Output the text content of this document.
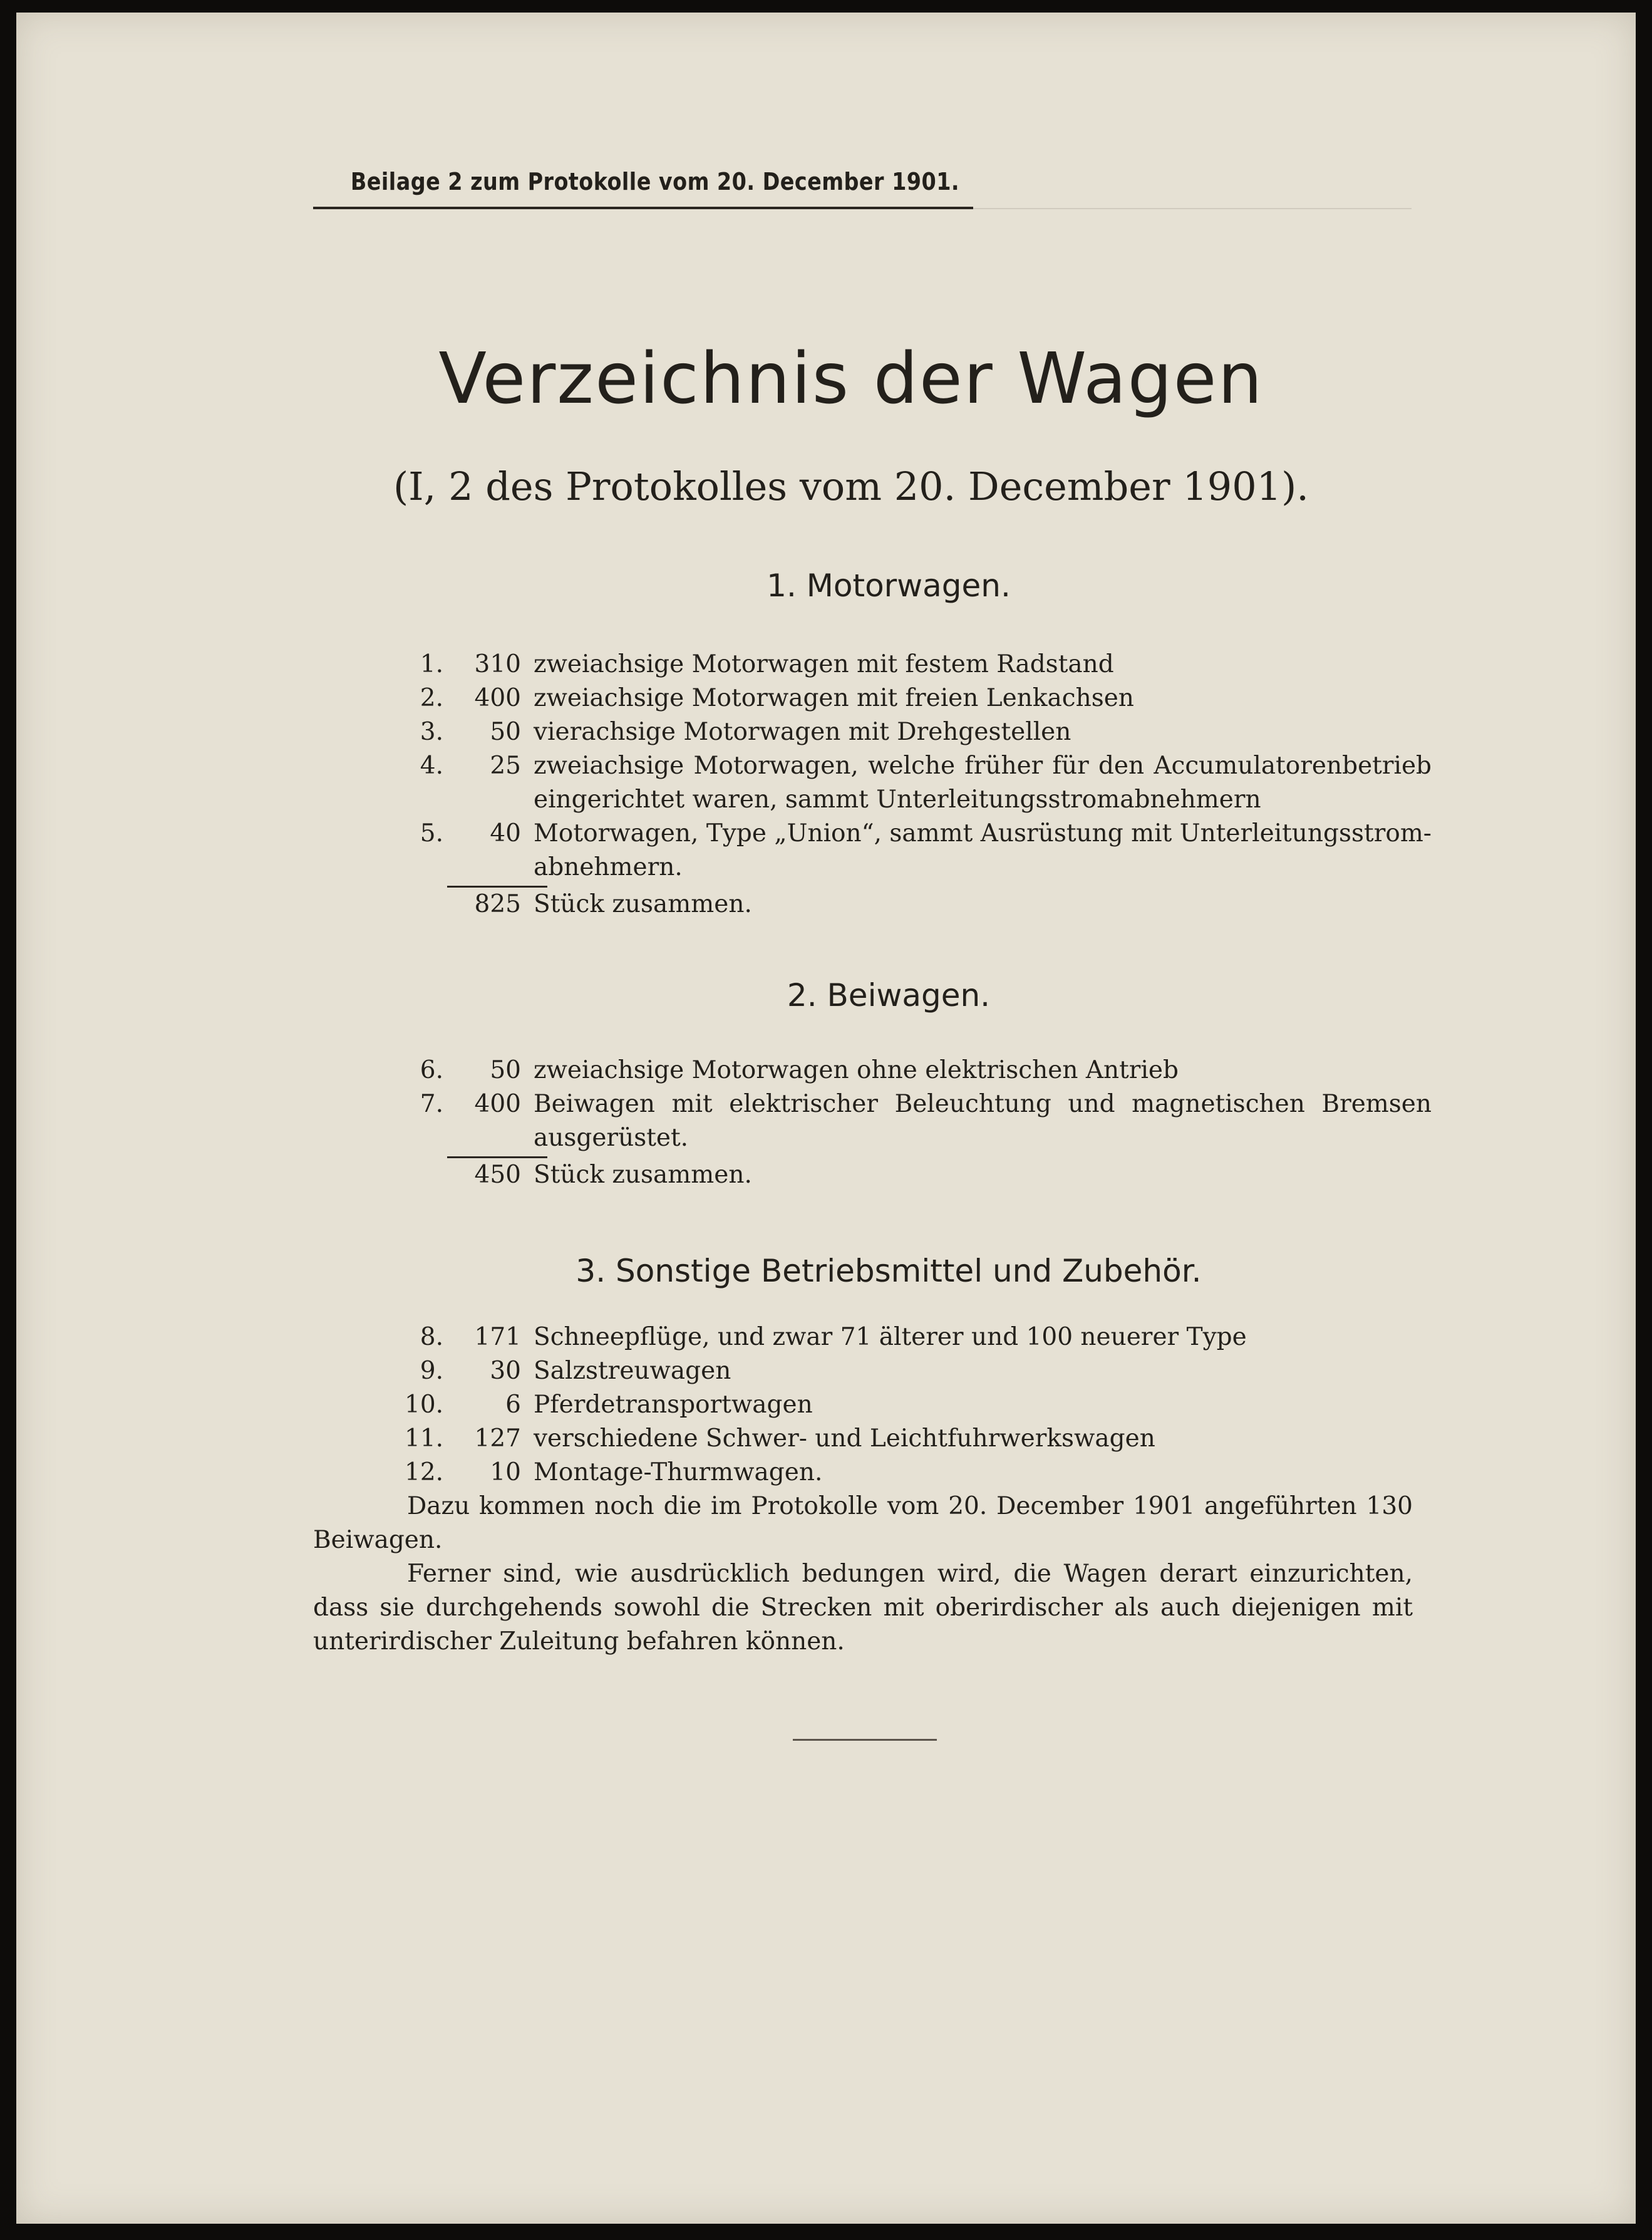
Beilage 2 zum Protokolle vom 20. December 1901.
Verzeichnis der Wagen
(I, 2 des Protokolles vom 20. December 1901).
1. Motorwagen.
1.	310 zweiachsige Motorwagen mit festem Radstand
2.	400 zweiachsige Motorwagen mit freien Lenkachsen
3.	50 vierachsige Motorwagen mit Drehgestellen
4.	25 zweiachsige Motorwagen, welche früher für den Accumulatorenbetrieb
eingerichtet waren, sammt Unterleitungsstromabnehmern
5.	40 Motorwagen, Type „Union“, sammt Ausrüstung mit Unterleitungsstrom-
abnehmern.
825 Stück zusammen.
2. Beiwagen.
6.	50 zweiachsige Motorwagen ohne elektrischen Antrieb
7.	400 Beiwagen mit elektrischer Beleuchtung und magnetischen Bremsen
ausgerüstet.
450 Stück zusammen.
3. Sonstige Betriebsmittel und Zubehör.
8.	171 Schneepflüge, und zwar 71 älterer und 100 neuerer Type
9.	30 Salzstreuwagen
10.	6 Pferdetransportwagen
11.	127 verschiedene Schwer- und Leichtfuhrwerkswagen
12.	10 Montage-Thurmwagen.

Dazu kommen noch die im Protokolle vom 20. December 1901 angeführten 130 Beiwagen.

Ferner sind, wie ausdrücklich bedungen wird, die Wagen derart einzurichten, dass sie durchgehends sowohl die Strecken mit oberirdischer als auch diejenigen mit unterirdischer Zuleitung befahren können.
